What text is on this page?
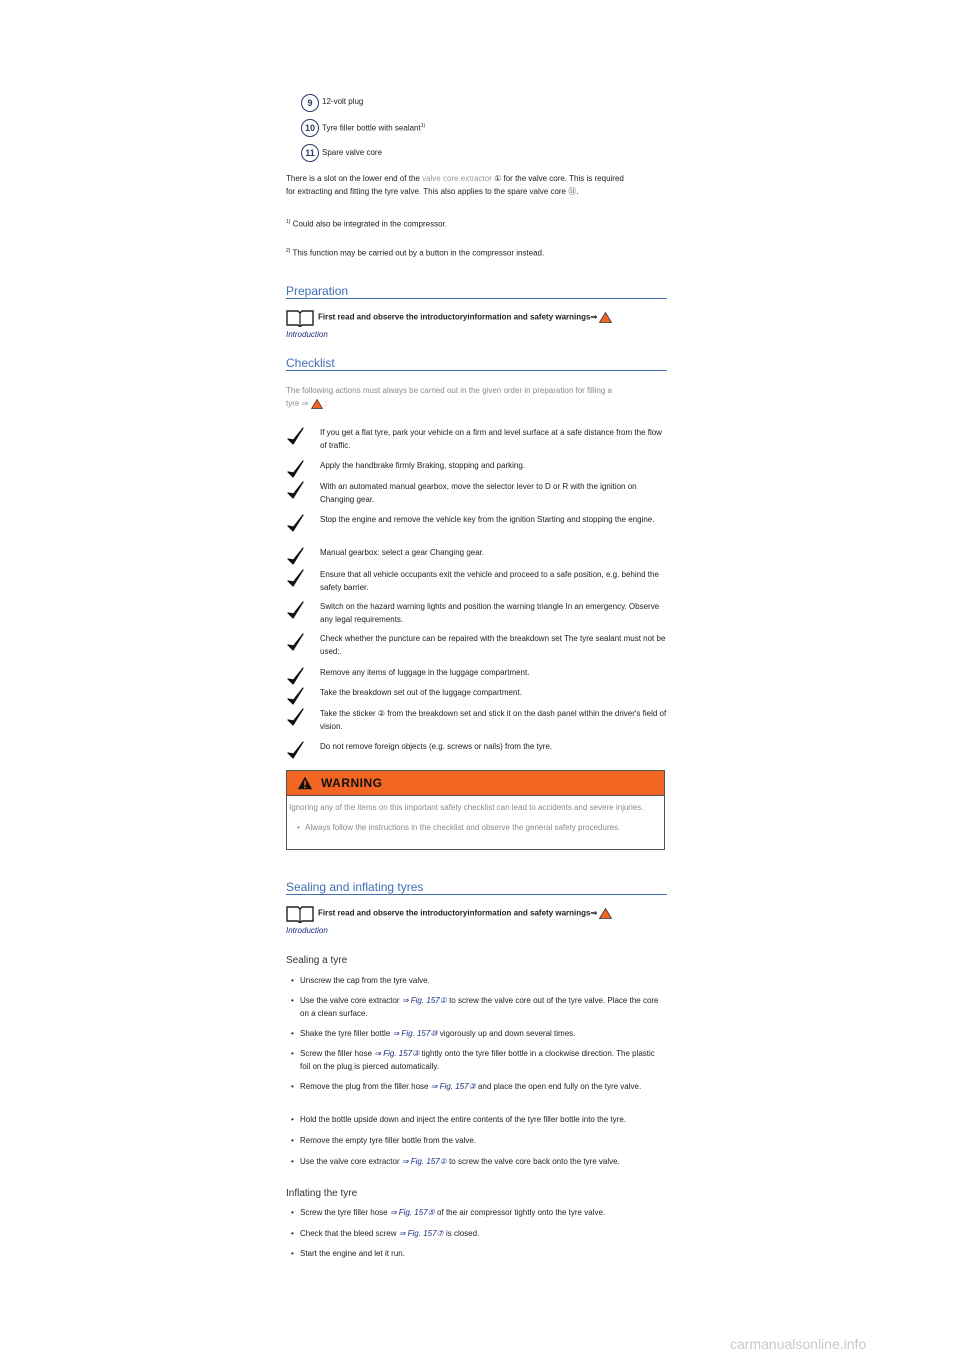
9	12-volt plug
10 Tyre filler bottle with sealant$^{1)}$
11 Spare valve core
There is a slot on the lower end of the valve core extractor ① for the valve core. This is required
for extracting and fitting the tyre valve. This also applies to the spare valve core ⑪.
$^{1)}$ Could also be integrated in the compressor.
$^{2)}$ This function may be carried out by a button in the compressor instead.
Preparation
First read and observe the introductoryinformation and safety warnings⇒
Introduction
Checklist
The following actions must always be carried out in the given order in preparation for filling a
tyre ⇒ :
If you get a flat tyre, park your vehicle on a firm and level surface at a safe distance from the flow of traffic.
Apply the handbrake firmly Braking, stopping and parking.
With an automated manual gearbox, move the selector lever to D or R with the ignition on Changing gear.
Stop the engine and remove the vehicle key from the ignition Starting and stopping the engine.
Manual gearbox: select a gear Changing gear.
Ensure that all vehicle occupants exit the vehicle and proceed to a safe position, e.g. behind the safety barrier.
Switch on the hazard warning lights and position the warning triangle In an emergency. Observe any legal requirements.
Check whether the puncture can be repaired with the breakdown set The tyre sealant must not be used:.
Remove any items of luggage in the luggage compartment.
Take the breakdown set out of the luggage compartment.
Take the sticker ② from the breakdown set and stick it on the dash panel within the driver's field of vision.
Do not remove foreign objects (e.g. screws or nails) from the tyre.
WARNING
Ignoring any of the items on this important safety checklist can lead to accidents and severe injuries.
• Always follow the instructions in the checklist and observe the general safety procedures.
Sealing and inflating tyres
First read and observe the introductoryinformation and safety warnings⇒
Introduction
Sealing a tyre
• Unscrew the cap from the tyre valve.
• Use the valve core extractor ⇒ Fig. 157① to screw the valve core out of the tyre valve. Place the core on a clean surface.
• Shake the tyre filler bottle ⇒ Fig. 157⑩ vigorously up and down several times.
• Screw the filler hose ⇒ Fig. 157③ tightly onto the tyre filler bottle in a clockwise direction. The plastic foil on the plug is pierced automatically.
• Remove the plug from the filler hose ⇒ Fig. 157③ and place the open end fully on the tyre valve.
• Hold the bottle upside down and inject the entire contents of the tyre filler bottle into the tyre.
• Remove the empty tyre filler bottle from the valve.
• Use the valve core extractor ⇒ Fig. 157① to screw the valve core back onto the tyre valve.
Inflating the tyre
• Screw the tyre filler hose ⇒ Fig. 157⑤ of the air compressor tightly onto the tyre valve.
• Check that the bleed screw ⇒ Fig. 157⑦ is closed.
• Start the engine and let it run.
carmanualsonline.info
